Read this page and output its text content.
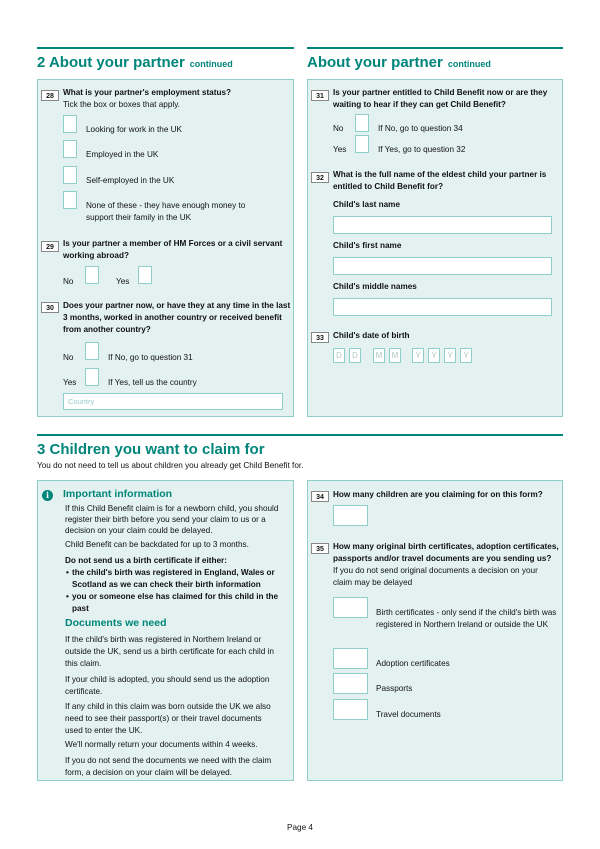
2 About your partner continued	About your partner continued
28	What is your partner's employment status?
Tick the box or boxes that apply.
Looking for work in the UK
Employed in the UK
Self-employed in the UK
None of these - they have enough money to support their family in the UK
29	Is your partner a member of HM Forces or a civil servant working abroad?
No	Yes
30	Does your partner now, or have they at any time in the last 3 months, worked in another country or received benefit from another country?
No	If No, go to question 31
Yes	If Yes, tell us the country
Country
31	Is your partner entitled to Child Benefit now or are they waiting to hear if they can get Child Benefit?
No	If No, go to question 34
Yes	If Yes, go to question 32
32	What is the full name of the eldest child your partner is entitled to Child Benefit for?
Child's last name
Child's first name
Child's middle names
33	Child's date of birth
D	D	M	M	Y	Y	Y	Y
3 Children you want to claim for
You do not need to tell us about children you already get Child Benefit for.
i	Important information
If this Child Benefit claim is for a newborn child, you should register their birth before you send your claim to us or a decision on your claim could be delayed.
Child Benefit can be backdated for up to 3 months.
Do not send us a birth certificate if either:
• the child's birth was registered in England, Wales or Scotland as we can check their birth information
• you or someone else has claimed for this child in the past
Documents we need
If the child's birth was registered in Northern Ireland or outside the UK, send us a birth certificate for each child in this claim.
If your child is adopted, you should send us the adoption certificate.
If any child in this claim was born outside the UK we also need to see their passport(s) or their travel documents used to enter the UK.
We'll normally return your documents within 4 weeks.
If you do not send the documents we need with the claim form, a decision on your claim will be delayed.
34	How many children are you claiming for on this form?
35	How many original birth certificates, adoption certificates, passports and/or travel documents are you sending us?
If you do not send original documents a decision on your claim may be delayed
Birth certificates - only send if the child's birth was registered in Northern Ireland or outside the UK
Adoption certificates
Passports
Travel documents
Page 4
